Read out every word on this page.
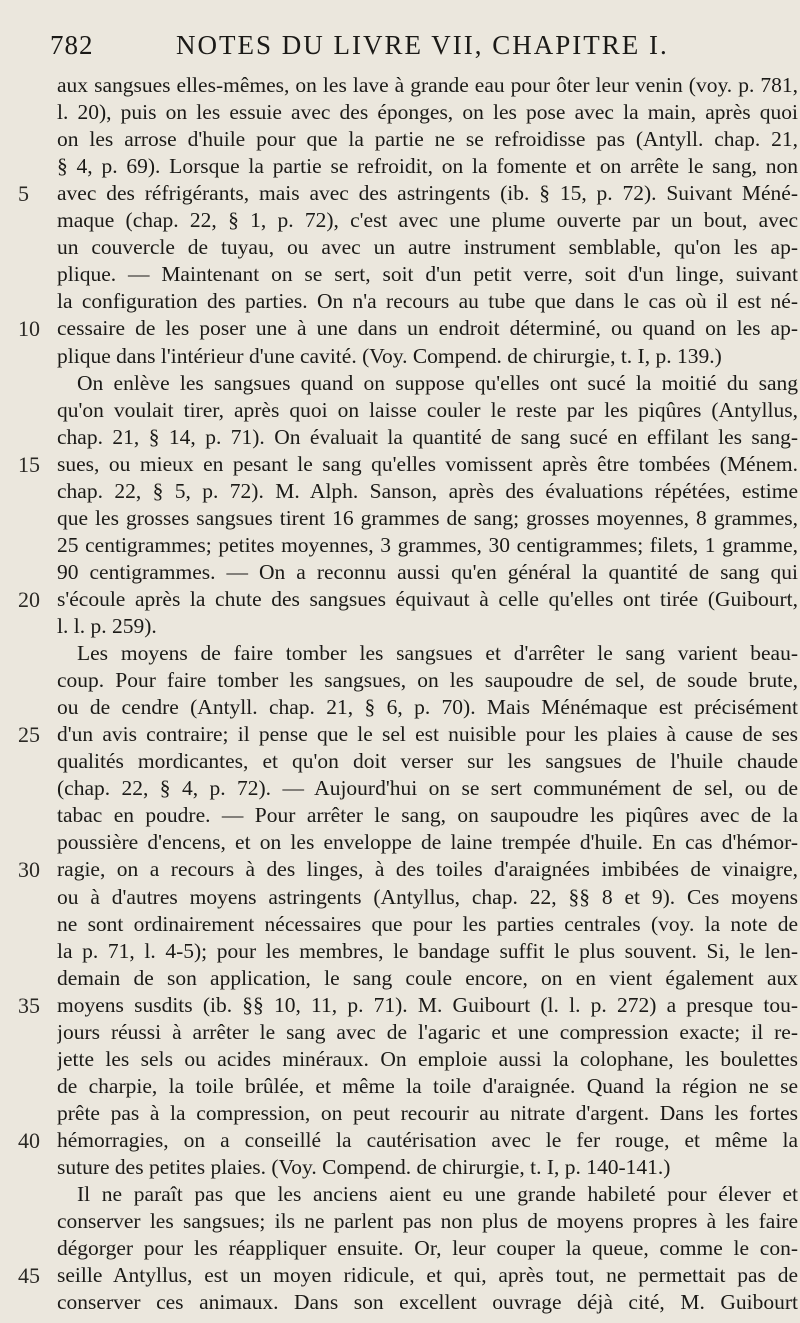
782	NOTES DU LIVRE VII, CHAPITRE I.
5
10
15
20
25
30
35
40
45
aux sangsues elles-mêmes, on les lave à grande eau pour ôter leur venin (voy. p. 781,
l. 20), puis on les essuie avec des éponges, on les pose avec la main, après quoi
on les arrose d'huile pour que la partie ne se refroidisse pas (Antyll. chap. 21,
§ 4, p. 69). Lorsque la partie se refroidit, on la fomente et on arrête le sang, non
avec des réfrigérants, mais avec des astringents (ib. § 15, p. 72). Suivant Méné-
maque (chap. 22, § 1, p. 72), c'est avec une plume ouverte par un bout, avec
un couvercle de tuyau, ou avec un autre instrument semblable, qu'on les ap-
plique. — Maintenant on se sert, soit d'un petit verre, soit d'un linge, suivant
la configuration des parties. On n'a recours au tube que dans le cas où il est né-
cessaire de les poser une à une dans un endroit déterminé, ou quand on les ap-
plique dans l'intérieur d'une cavité. (Voy. Compend. de chirurgie, t. I, p. 139.)
On enlève les sangsues quand on suppose qu'elles ont sucé la moitié du sang
qu'on voulait tirer, après quoi on laisse couler le reste par les piqûres (Antyllus,
chap. 21, § 14, p. 71). On évaluait la quantité de sang sucé en effilant les sang-
sues, ou mieux en pesant le sang qu'elles vomissent après être tombées (Ménem.
chap. 22, § 5, p. 72). M. Alph. Sanson, après des évaluations répétées, estime
que les grosses sangsues tirent 16 grammes de sang; grosses moyennes, 8 grammes,
25 centigrammes; petites moyennes, 3 grammes, 30 centigrammes; filets, 1 gramme,
90 centigrammes. — On a reconnu aussi qu'en général la quantité de sang qui
s'écoule après la chute des sangsues équivaut à celle qu'elles ont tirée (Guibourt,
l. l. p. 259).
Les moyens de faire tomber les sangsues et d'arrêter le sang varient beau-
coup. Pour faire tomber les sangsues, on les saupoudre de sel, de soude brute,
ou de cendre (Antyll. chap. 21, § 6, p. 70). Mais Ménémaque est précisément
d'un avis contraire; il pense que le sel est nuisible pour les plaies à cause de ses
qualités mordicantes, et qu'on doit verser sur les sangsues de l'huile chaude
(chap. 22, § 4, p. 72). — Aujourd'hui on se sert communément de sel, ou de
tabac en poudre. — Pour arrêter le sang, on saupoudre les piqûres avec de la
poussière d'encens, et on les enveloppe de laine trempée d'huile. En cas d'hémor-
ragie, on a recours à des linges, à des toiles d'araignées imbibées de vinaigre,
ou à d'autres moyens astringents (Antyllus, chap. 22, §§ 8 et 9). Ces moyens
ne sont ordinairement nécessaires que pour les parties centrales (voy. la note de
la p. 71, l. 4-5); pour les membres, le bandage suffit le plus souvent. Si, le len-
demain de son application, le sang coule encore, on en vient également aux
moyens susdits (ib. §§ 10, 11, p. 71). M. Guibourt (l. l. p. 272) a presque tou-
jours réussi à arrêter le sang avec de l'agaric et une compression exacte; il re-
jette les sels ou acides minéraux. On emploie aussi la colophane, les boulettes
de charpie, la toile brûlée, et même la toile d'araignée. Quand la région ne se
prête pas à la compression, on peut recourir au nitrate d'argent. Dans les fortes
hémorragies, on a conseillé la cautérisation avec le fer rouge, et même la
suture des petites plaies. (Voy. Compend. de chirurgie, t. I, p. 140-141.)
Il ne paraît pas que les anciens aient eu une grande habileté pour élever et
conserver les sangsues; ils ne parlent pas non plus de moyens propres à les faire
dégorger pour les réappliquer ensuite. Or, leur couper la queue, comme le con-
seille Antyllus, est un moyen ridicule, et qui, après tout, ne permettait pas de
conserver ces animaux. Dans son excellent ouvrage déjà cité, M. Guibourt
